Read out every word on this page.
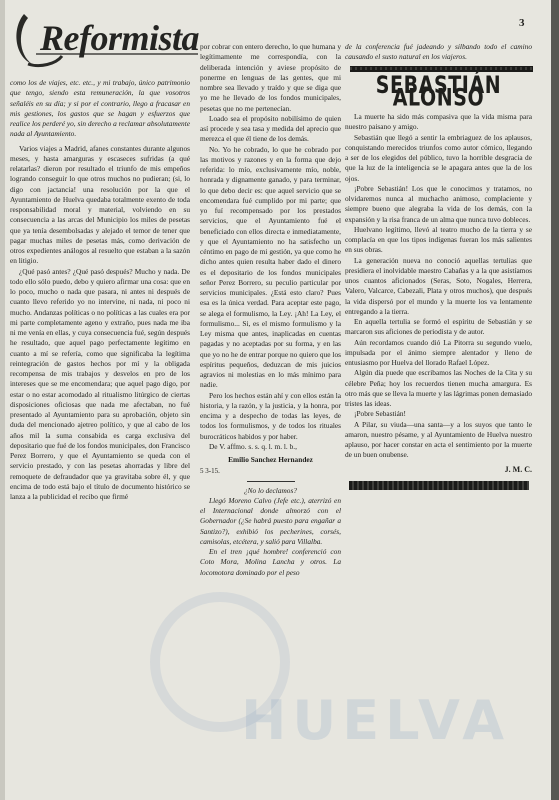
Reformista	3

como los de viajes, etc. etc., y mi trabajo, único patrimonio que tengo, siendo esta remuneración, la que vosotros señaléis en su día; y si por el contrario, llego a fracasar en mis gestiones, los gastos que se hagan y esfuerzos que realice los perderé yo, sin derecho a reclamar absolutamente nada al Ayuntamiento.

Varios viajes a Madrid, afanes constantes durante algunos meses, y hasta amarguras y escaseces sufridas (a qué relatarlas? dieron por resultado el triunfo de mis empeños logrando conseguir lo que otros muchos no pudieran; (si, lo digo con jactancia! una resolución por la que el Ayuntamiento de Huelva quedaba totalmente exento de toda responsabilidad moral y material, volviendo en su consecuencia a las arcas del Municipio los miles de pesetas que ya tenía desembolsadas y alejado el temor de tener que pagar muchas miles de pesetas más, como derivación de otros expedientes análogos al resuelto que estaban a la sazón en litigio.

¿Qué pasó antes? ¿Qué pasó después? Mucho y nada. De todo ello sólo puedo, debo y quiero afirmar una cosa: que en lo poco, mucho o nada que pasara, ni antes ni después de cuanto llevo referido yo no intervine, ni nada, ni poco ni mucho. Andanzas políticas o no políticas a las cuales era por mi parte completamente ageno y extraño, pues nada me iba ni me venía en ellas, y cuya consecuencia fué, según después he resultado, que aquel pago perfectamente legítimo en cuanto a mí se refería, como que significaba la legítima reintegración de gastos hechos por mí y la obligada recompensa de mis trabajos y desvelos en pro de los intereses que se me encomendara; que aquel pago digo, por estar o no estar acomodado al ritualismo litúrgico de ciertas disposiciones oficiosas que nada me afectaban, no fué presentado al Ayuntamiento para su aprobación, objeto sin duda del mencionado ajetreo político, y que al cabo de los años mil la suma consabida es carga exclusiva del depositario que fué de los fondos municipales, don Francisco Perez Borrero, y que el Ayuntamiento se queda con el servicio prestado, y con las pesetas ahorradas y libre del remoquete de defraudador que ya gravitaba sobre él, y que encima de todo está bajo el título de documento histórico se lanza a la publicidad el recibo que firmé

por cobrar con entero derecho, lo que humana y legítimamente me correspondía, con la deliberada intención y aviese propósito de ponerme en lenguas de las gentes, que mi nombre sea llevado y traído y que se diga que yo me he llevado de los fondos municipales, pesetas que no me pertenecían.

Loado sea el propósito nobilísimo de quien así procede y sea tasa y medida del aprecio que merezca el que él tiene de los demás.

No. Yo he cobrado, lo que he cobrado por las motivos y razones y en la forma que dejo referida: lo mío, exclusivamente mío, noble, honrada y dignamente ganado, y para terminar, lo que debo decir es: que aquel servicio que se encomendara fué cumplido por mi parte; que yo fuí recompensado por los prestados servicios, que el Ayuntamiento fué el beneficiado con ellos directa e inmediatamente, y que el Ayuntamiento no ha satisfecho un céntimo en pago de mi gestión, ya que como he dicho antes quien resulta haber dado el dinero es el depositario de los fondos municipales señor Perez Borrero, su peculio particular por servicios municipales. ¿Está esto claro? Pues esa es la única verdad. Para aceptar este pago, se alega el formulismo, la Ley. ¡Ah! La Ley, el formulismo... Si, es el mismo formulismo y la Ley misma que antes, inaplicadas en cuentas pagadas y no aceptadas por su forma, y en las que yo no he de entrar porque no quiero que los espíritus pequeños, deduzcan de mis juicios agravios ni molestias en lo más mínimo para nadie.

Pero los hechos están ahí y con ellos están la historia, y la razón, y la justicia, y la honra, por encima y a despecho de todas las leyes, de todos los formulismos, y de todos los rituales burocráticos habidos y por haber.

De V. affmo. s. s. q. l. m. l. b.,

Emilio Sanchez Hernandez

5 3-15.

¿No lo declamos?

Llegó Moreno Calvo (Jefe etc.), aterrizó en el Internacional donde almorzó con el Gobernador (¿Se habrá puesto para engañar a Santizo?), exhibió los pecherines, corsés, camisolas, etcétera, y salió para Villalba.

En el tren ¡qué hombre! conferenció con Coto Mora, Molina Lancha y otros. La locomotora dominado por el peso

de la conferencia fué jadeando y silbando todo el camino causando el susto natural en los viajeros.

SEBASTIÁN ALONSO

La muerte ha sido más compasiva que la vida misma para nuestro paisano y amigo.

Sebastián que llegó a sentir la embriaguez de los aplausos, conquistando merecidos triunfos como autor cómico, llegando a ser de los elegidos del público, tuvo la horrible desgracia de que la luz de la inteligencia se le apagara antes que la de los ojos.

¡Pobre Sebastián! Los que le conocimos y tratamos, no olvidaremos nunca al muchacho animoso, complaciente y siempre bueno que alegraba la vida de los demás, con la expansión y la risa franca de un alma que nunca tuvo dobleces.

Huelvano legítimo, llevó al teatro mucho de la tierra y se complacía en que los tipos indígenas fueran los más salientes en sus obras.

La generación nueva no conoció aquellas tertulias que presidiera el inolvidable maestro Cabañas y a la que asistíamos unos cuantos aficionados (Seras, Soto, Nogales, Herrera, Valero, Valcarce, Cabezali, Plata y otros muchos), que después la vida dispersó por el mundo y la muerte los va lentamente entregando a la tierra.

En aquella tertulia se formó el espíritu de Sebastián y se marcaron sus aficiones de periodista y de autor.

Aún recordamos cuando dió La Pitorra su segundo vuelo, impulsada por el ánimo siempre alentador y lleno de entusiasmo por Huelva del llorado Rafael López.

Algún día puede que escribamos las Noches de la Cita y su célebre Peña; hoy los recuerdos tienen mucha amargura. Es otro más que se lleva la muerte y las lágrimas ponen demasiado tristes las ideas.

¡Pobre Sebastián!

A Pilar, su viuda—una santa—y a los suyos que tanto le amaron, nuestro pésame, y al Ayuntamiento de Huelva nuestro aplauso, por hacer constar en acta el sentimiento por la muerte de un buen onubense.

J. M. C.

HUELVA
